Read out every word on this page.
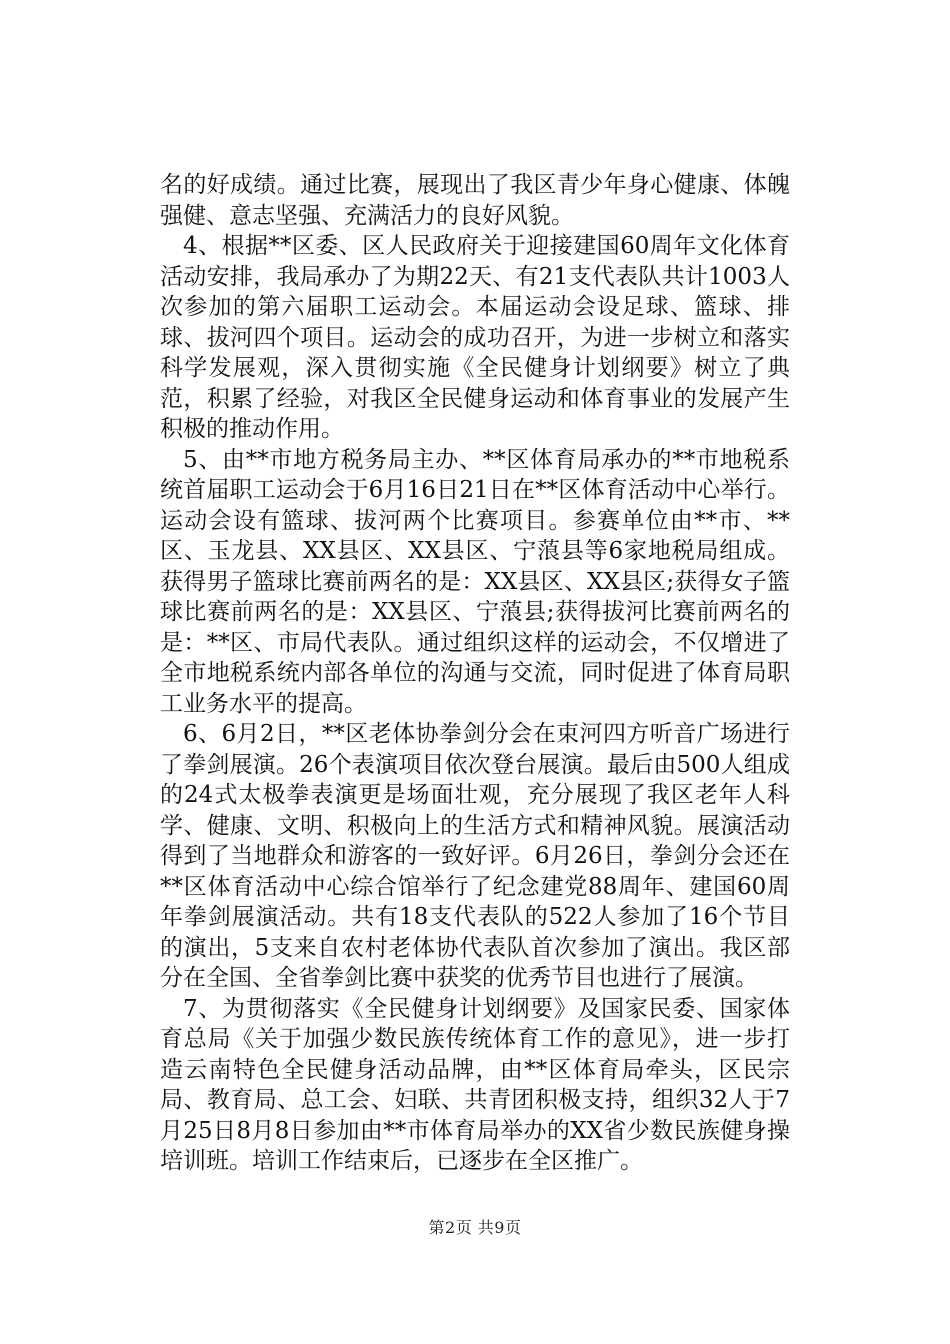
名的好成绩。通过比赛，展现出了我区青少年身心健康、体魄强健、意志坚强、充满活力的良好风貌。

4、根据**区委、区人民政府关于迎接建国60周年文化体育活动安排，我局承办了为期22天、有21支代表队共计1003人次参加的第六届职工运动会。本届运动会设足球、篮球、排球、拔河四个项目。运动会的成功召开，为进一步树立和落实科学发展观，深入贯彻实施《全民健身计划纲要》树立了典范，积累了经验，对我区全民健身运动和体育事业的发展产生积极的推动作用。

5、由**市地方税务局主办、**区体育局承办的**市地税系统首届职工运动会于6月16日21日在**区体育活动中心举行。运动会设有篮球、拔河两个比赛项目。参赛单位由**市、**区、玉龙县、XX县区、XX县区、宁蒗县等6家地税局组成。获得男子篮球比赛前两名的是：XX县区、XX县区;获得女子篮球比赛前两名的是：XX县区、宁蒗县;获得拔河比赛前两名的是：**区、市局代表队。通过组织这样的运动会，不仅增进了全市地税系统内部各单位的沟通与交流，同时促进了体育局职工业务水平的提高。

6、6月2日，**区老体协拳剑分会在束河四方听音广场进行了拳剑展演。26个表演项目依次登台展演。最后由500人组成的24式太极拳表演更是场面壮观，充分展现了我区老年人科学、健康、文明、积极向上的生活方式和精神风貌。展演活动得到了当地群众和游客的一致好评。6月26日，拳剑分会还在**区体育活动中心综合馆举行了纪念建党88周年、建国60周年拳剑展演活动。共有18支代表队的522人参加了16个节目的演出，5支来自农村老体协代表队首次参加了演出。我区部分在全国、全省拳剑比赛中获奖的优秀节目也进行了展演。

7、为贯彻落实《全民健身计划纲要》及国家民委、国家体育总局《关于加强少数民族传统体育工作的意见》，进一步打造云南特色全民健身活动品牌，由**区体育局牵头，区民宗局、教育局、总工会、妇联、共青团积极支持，组织32人于7月25日8月8日参加由**市体育局举办的XX省少数民族健身操培训班。培训工作结束后，已逐步在全区推广。

第2页 共9页
